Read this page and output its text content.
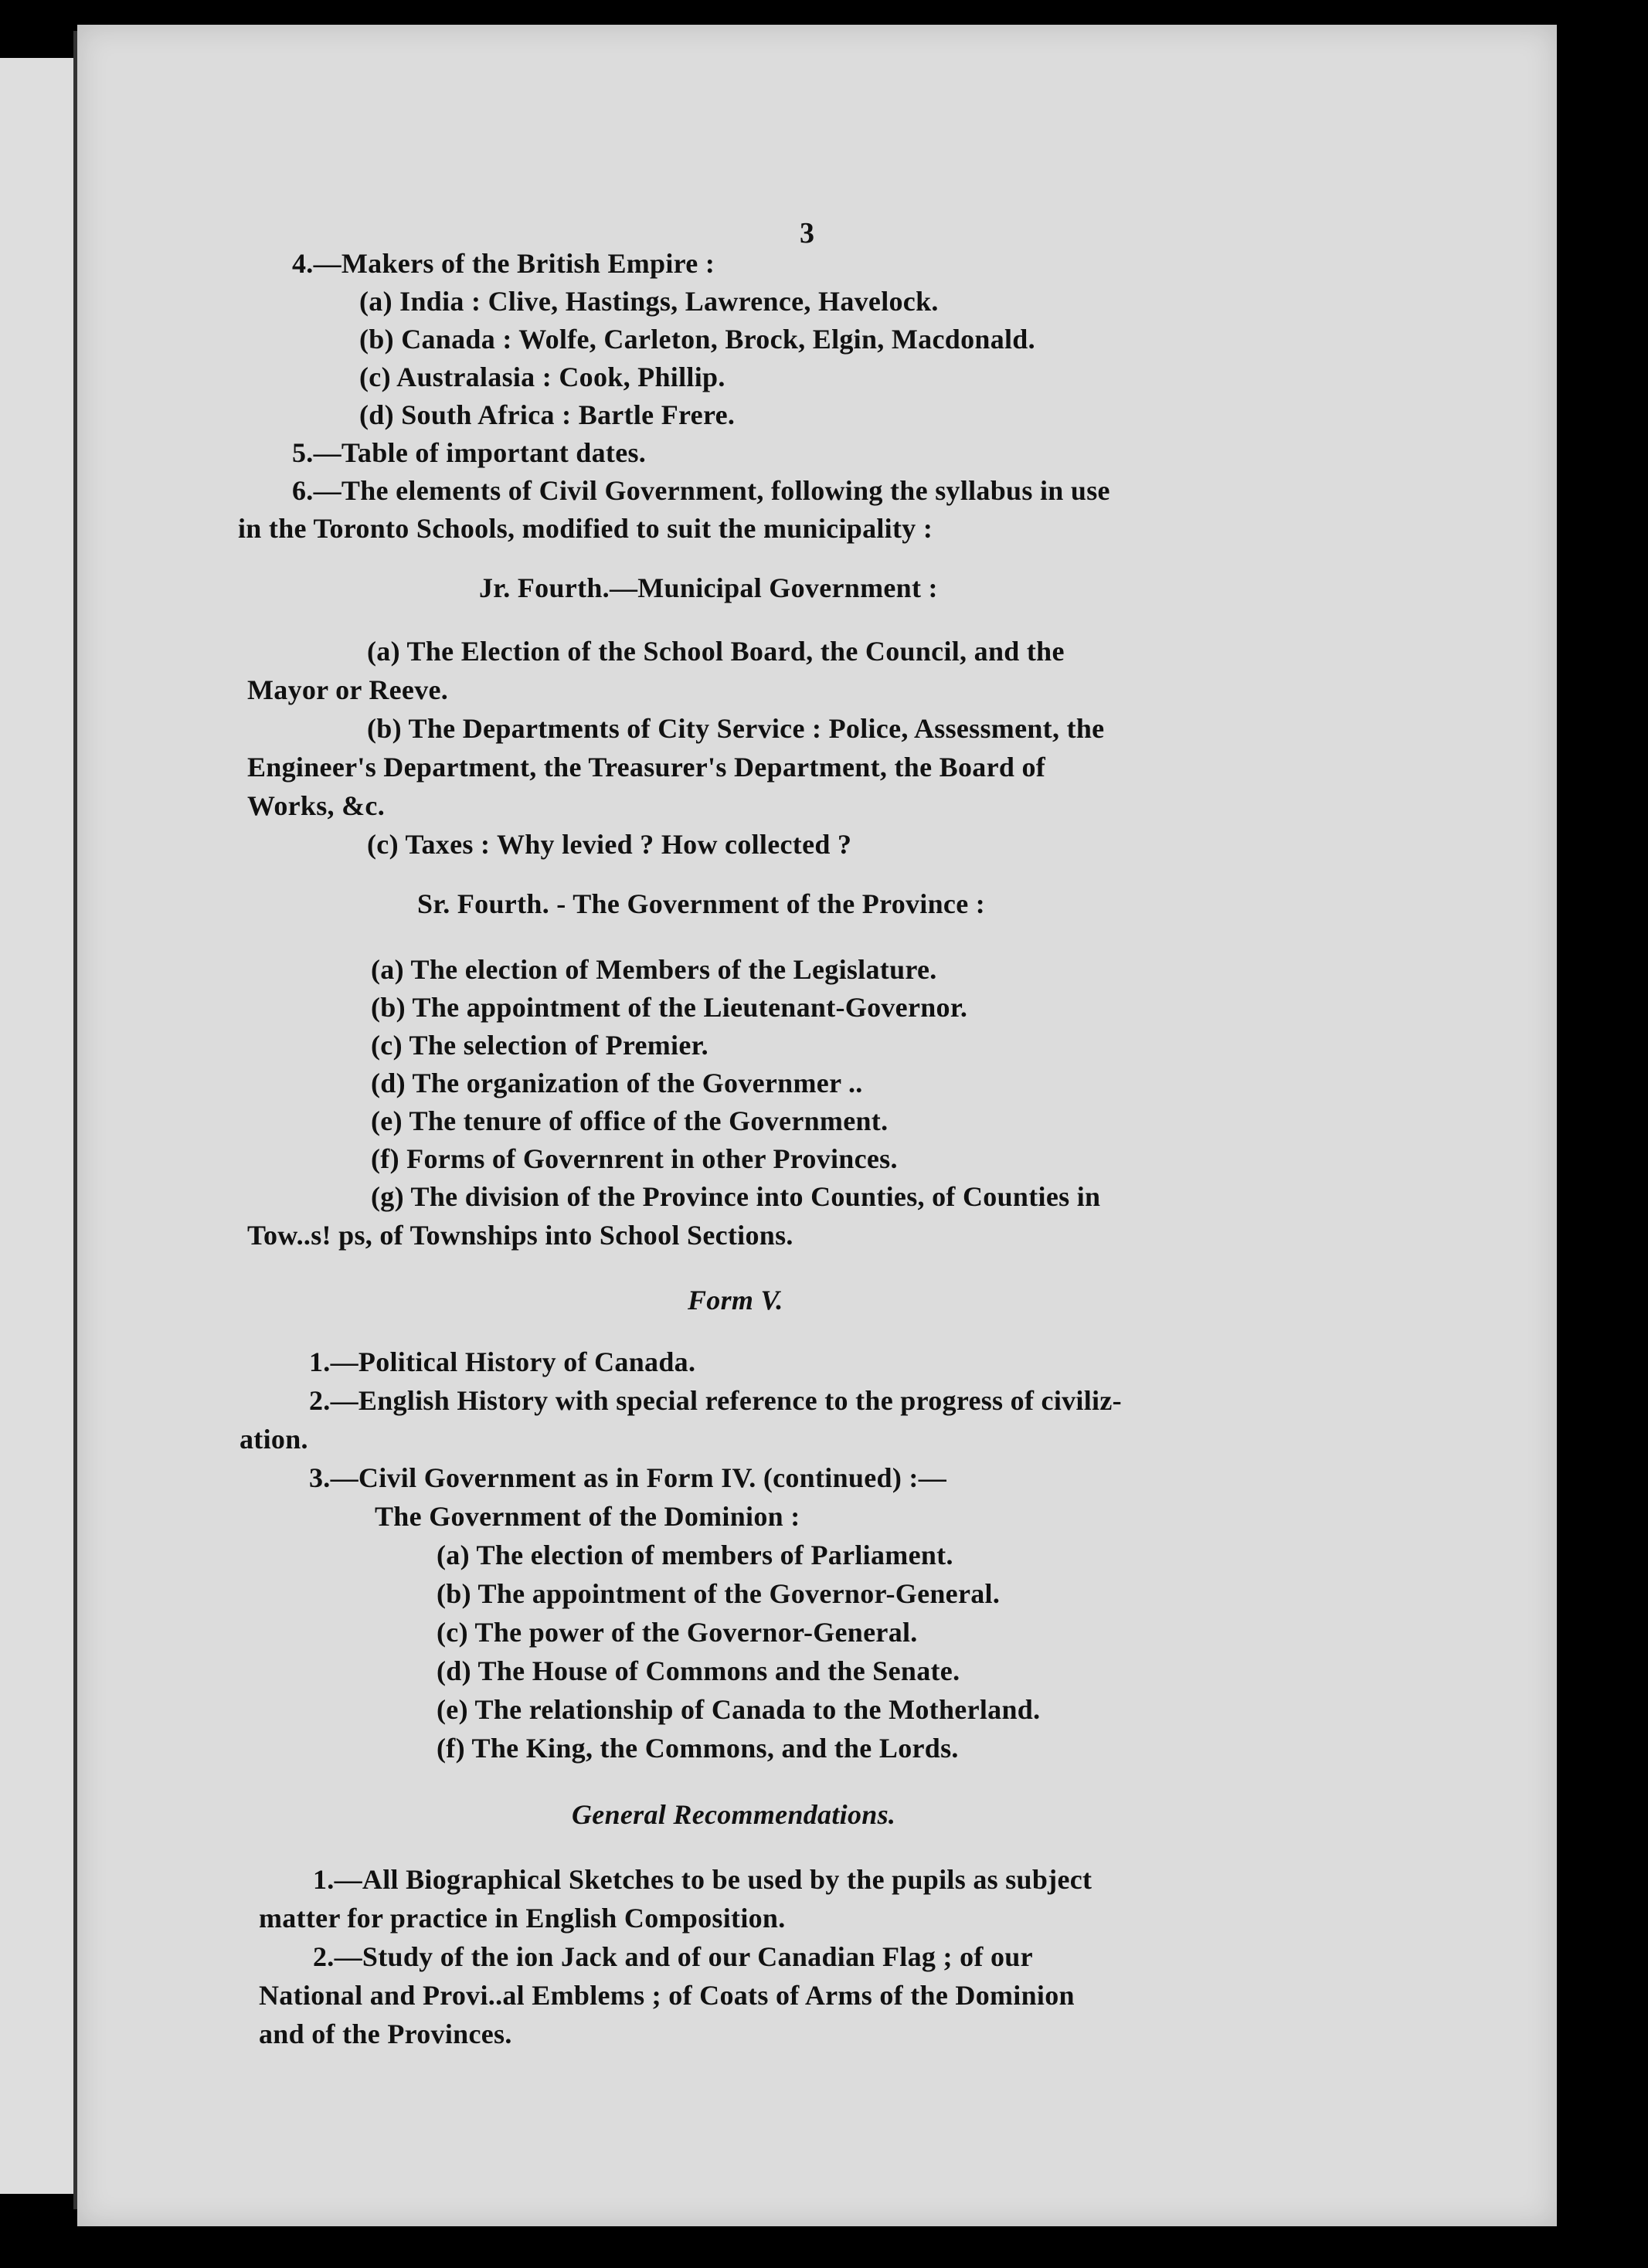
3
4.—Makers of the British Empire :
(a) India : Clive, Hastings, Lawrence, Havelock.
(b) Canada : Wolfe, Carleton, Brock, Elgin, Macdonald.
(c) Australasia : Cook, Phillip.
(d) South Africa : Bartle Frere.
5.—Table of important dates.
6.—The elements of Civil Government, following the syllabus in use
in the Toronto Schools, modified to suit the municipality :
Jr. Fourth.—Municipal Government :
(a) The Election of the School Board, the Council, and the
Mayor or Reeve.
(b) The Departments of City Service : Police, Assessment, the
Engineer's Department, the Treasurer's Department, the Board of
Works, &c.
(c) Taxes : Why levied ? How collected ?
Sr. Fourth. - The Government of the Province :
(a) The election of Members of the Legislature.
(b) The appointment of the Lieutenant-Governor.
(c) The selection of Premier.
(d) The organization of the Governmer ..
(e) The tenure of office of the Government.
(f) Forms of Governrent in other Provinces.
(g) The division of the Province into Counties, of Counties in
Tow..s! ps, of Townships into School Sections.
Form V.
1.—Political History of Canada.
2.—English History with special reference to the progress of civiliz-
ation.
3.—Civil Government as in Form IV. (continued) :—
The Government of the Dominion :
(a) The election of members of Parliament.
(b) The appointment of the Governor-General.
(c) The power of the Governor-General.
(d) The House of Commons and the Senate.
(e) The relationship of Canada to the Motherland.
(f) The King, the Commons, and the Lords.
General Recommendations.
1.—All Biographical Sketches to be used by the pupils as subject
matter for practice in English Composition.
2.—Study of the ion Jack and of our Canadian Flag ; of our
National and Provi..al Emblems ; of Coats of Arms of the Dominion
and of the Provinces.
